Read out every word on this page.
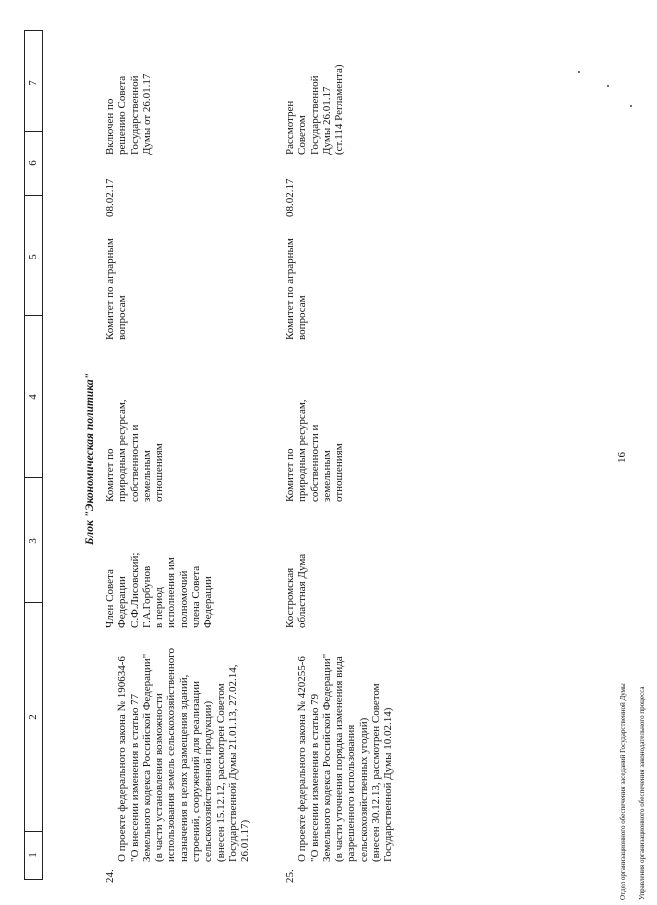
16
1
2
3
4
5
6
7
Блок "Экономическая политика"
24.

О проекте федерального закона № 190634-6
"О внесении изменения в статью 77
Земельного кодекса Российской Федерации"
(в части установления возможности
использования земель сельскохозяйственного
назначения в целях размещения зданий,
строений, сооружений для реализации
сельскохозяйственной продукции)

(внесен 15.12.12, рассмотрен Советом
Государственной Думы 21.01.13, 27.02.14,
26.01.17)

Член Совета
Федерации
С.Ф.Лисовский;
Г.А.Горбунов
в период
исполнения им
полномочий
члена Совета
Федерации
Комитет по
природным ресурсам,
собственности и
земельным
отношениям
Комитет по аграрным
вопросам
08.02.17
Включен по
решению Совета
Государственной
Думы от 26.01.17
25.

О проекте федерального закона № 420255-6
"О внесении изменения в статью 79
Земельного кодекса Российской Федерации"
(в части уточнения порядка изменения вида
разрешенного использования
сельскохозяйственных угодий)

(внесен 30.12.13, рассмотрен Советом
Государственной Думы 10.02.14)

Костромская
областная Дума
Комитет по
природным ресурсам,
собственности и
земельным
отношениям
Комитет по аграрным
вопросам
08.02.17
Рассмотрен
Советом
Государственной
Думы 26.01.17
(ст.114 Регламента)

Отдел организационного обеспечения заседаний Государственной Думы Управления организационного обеспечения законодательного процесса
